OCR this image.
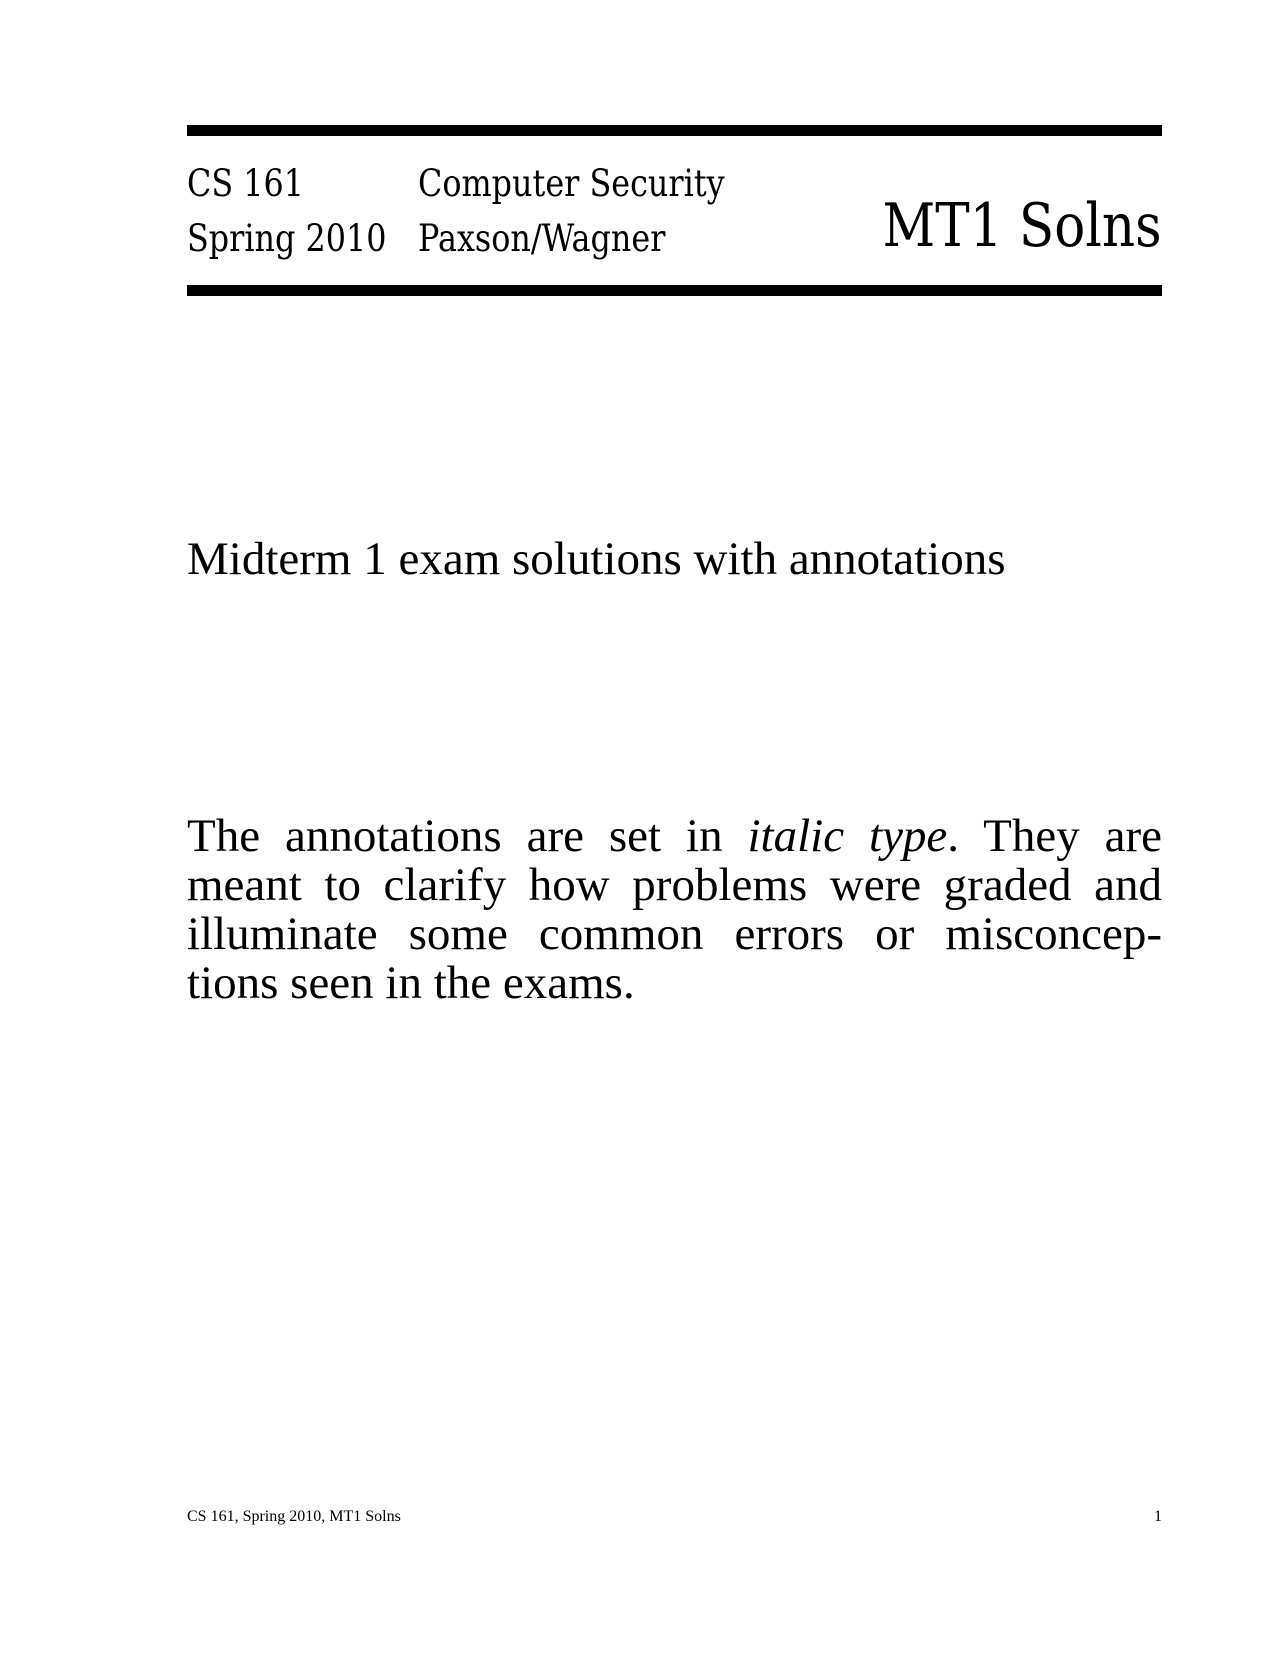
CS 161
Spring 2010
Computer Security
Paxson/Wagner	MT1 Solns
Midterm 1 exam solutions with annotations
The annotations are set in italic type. They are
meant to clarify how problems were graded and
illuminate some common errors or misconcep-
tions seen in the exams.
CS 161, Spring 2010, MT1 Solns	1
